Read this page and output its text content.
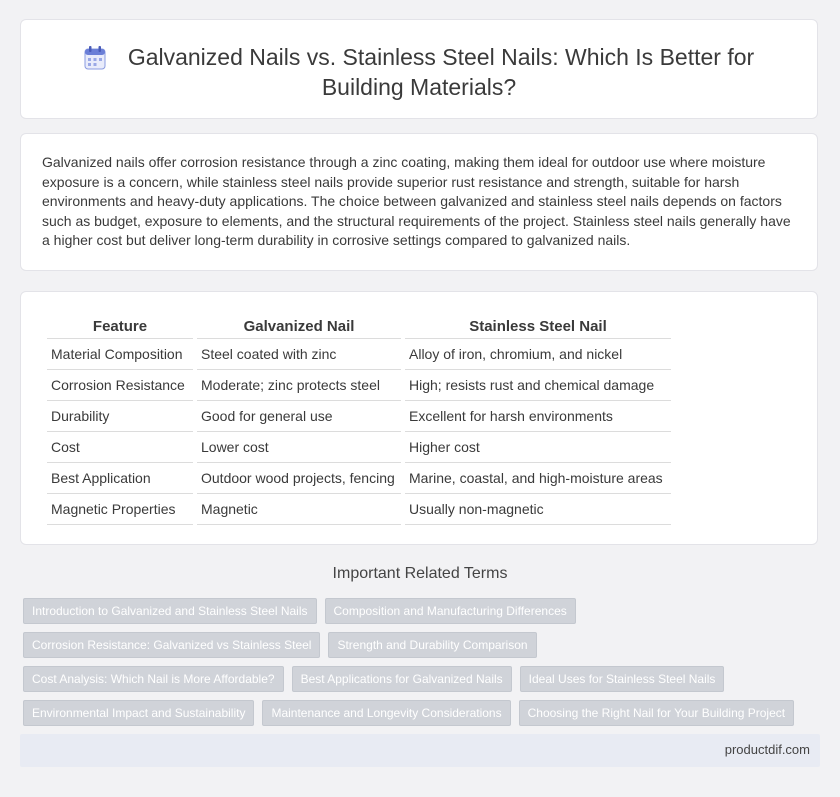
Galvanized Nails vs. Stainless Steel Nails: Which Is Better for Building Materials?
Galvanized nails offer corrosion resistance through a zinc coating, making them ideal for outdoor use where moisture exposure is a concern, while stainless steel nails provide superior rust resistance and strength, suitable for harsh environments and heavy-duty applications. The choice between galvanized and stainless steel nails depends on factors such as budget, exposure to elements, and the structural requirements of the project. Stainless steel nails generally have a higher cost but deliver long-term durability in corrosive settings compared to galvanized nails.
Feature	Galvanized Nail	Stainless Steel Nail
Material Composition	Steel coated with zinc	Alloy of iron, chromium, and nickel
Corrosion Resistance	Moderate; zinc protects steel	High; resists rust and chemical damage
Durability	Good for general use	Excellent for harsh environments
Cost	Lower cost	Higher cost
Best Application	Outdoor wood projects, fencing	Marine, coastal, and high-moisture areas
Magnetic Properties	Magnetic	Usually non-magnetic
Important Related Terms
Introduction to Galvanized and Stainless Steel Nails	Composition and Manufacturing Differences
Corrosion Resistance: Galvanized vs Stainless Steel	Strength and Durability Comparison
Cost Analysis: Which Nail is More Affordable?	Best Applications for Galvanized Nails	Ideal Uses for Stainless Steel Nails
Environmental Impact and Sustainability	Maintenance and Longevity Considerations	Choosing the Right Nail for Your Building Project
productdif.com
